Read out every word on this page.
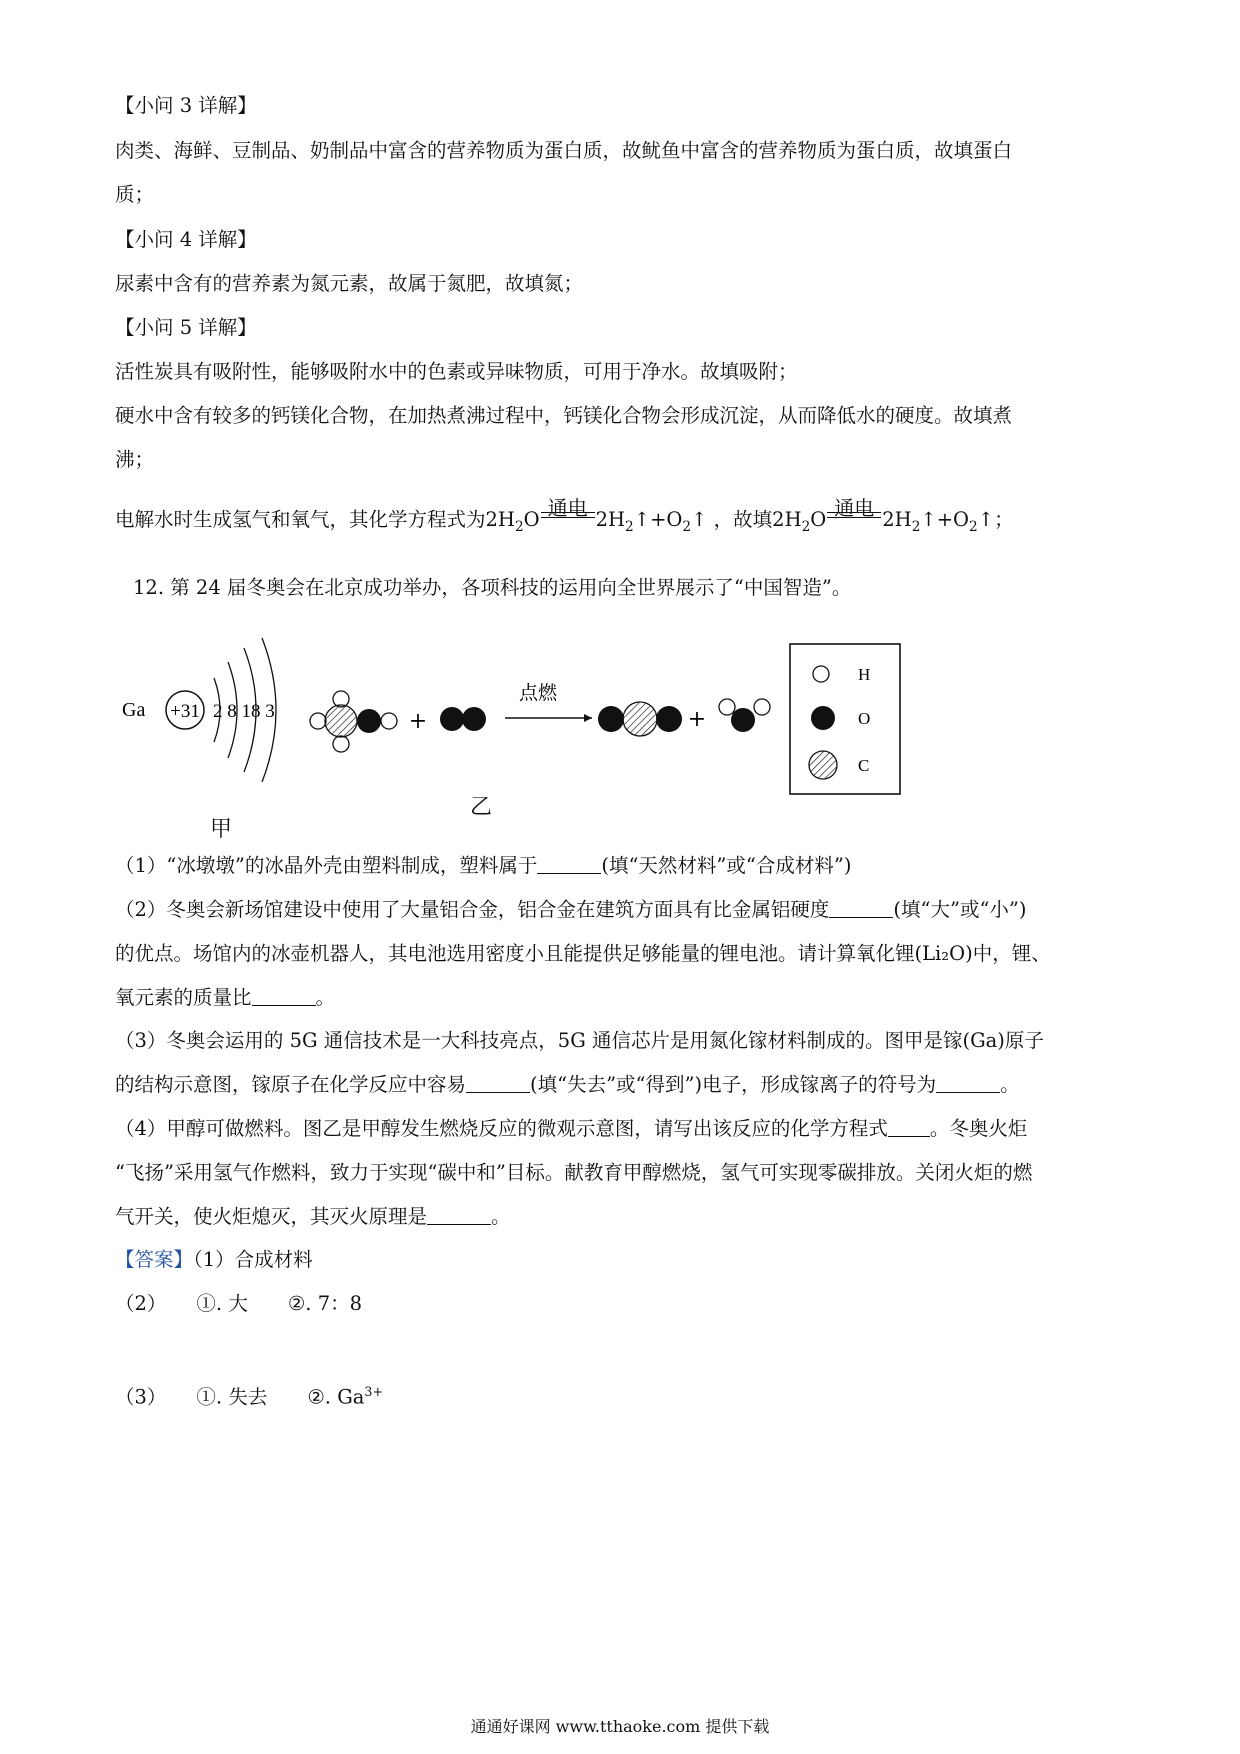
【小问 3 详解】
肉类、海鲜、豆制品、奶制品中富含的营养物质为蛋白质，故鱿鱼中富含的营养物质为蛋白质，故填蛋白
质；
【小问 4 详解】
尿素中含有的营养素为氮元素，故属于氮肥，故填氮；
【小问 5 详解】
活性炭具有吸附性，能够吸附水中的色素或异味物质，可用于净水。故填吸附；
硬水中含有较多的钙镁化合物，在加热煮沸过程中，钙镁化合物会形成沉淀，从而降低水的硬度。故填煮
沸；
电解水时生成氢气和氧气，其化学方程式为$2H_2O$ 通电 $2H_2↑+O_2↑$ ，故填$2H_2O$ 通电 $2H_2↑+O_2↑$；
12. 第 24 届冬奥会在北京成功举办，各项科技的运用向全世界展示了“中国智造”。
Ga +31 2 8 18 3	+
点燃
+
H
O
C
乙
甲
（1）“冰墩墩”的冰晶外壳由塑料制成，塑料属于	(填“天然材料”或“合成材料”)
（2）冬奥会新场馆建设中使用了大量铝合金，铝合金在建筑方面具有比金属铝硬度	(填“大”或“小”)
的优点。场馆内的冰壶机器人，其电池选用密度小且能提供足够能量的锂电池。请计算氧化锂(Li₂O)中，锂、
氧元素的质量比	。
（3）冬奥会运用的 5G 通信技术是一大科技亮点，5G 通信芯片是用氮化镓材料制成的。图甲是镓(Ga)原子
的结构示意图，镓原子在化学反应中容易	(填“失去”或“得到”)电子，形成镓离子的符号为	。
（4）甲醇可做燃料。图乙是甲醇发生燃烧反应的微观示意图，请写出该反应的化学方程式 。冬奥火炬
“飞扬”采用氢气作燃料，致力于实现“碳中和”目标。献教育甲醇燃烧，氢气可实现零碳排放。关闭火炬的燃
气开关，使火炬熄灭，其灭火原理是	。
【答案】（1）合成材料
（2） ①. 大 ②. 7：8
（3） ①. 失去 ②. $Ga^{3+}$
通通好课网 www.tthaoke.com 提供下载
